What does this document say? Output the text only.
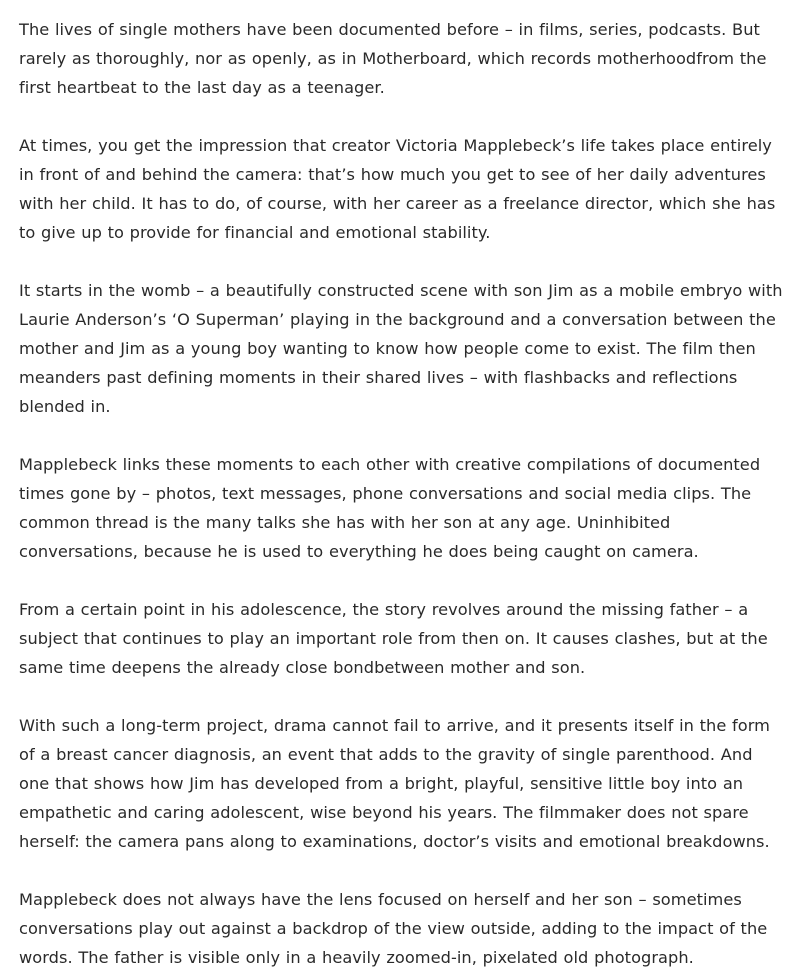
The lives of single mothers have been documented before – in films, series, podcasts. But rarely as thoroughly, nor as openly, as in Motherboard, which records motherhoodfrom the first heartbeat to the last day as a teenager.

At times, you get the impression that creator Victoria Mapplebeck’s life takes place entirely in front of and behind the camera: that’s how much you get to see of her daily adventures with her child. It has to do, of course, with her career as a freelance director, which she has to give up to provide for financial and emotional stability.

It starts in the womb – a beautifully constructed scene with son Jim as a mobile embryo with Laurie Anderson’s ‘O Superman’ playing in the background and a conversation between the mother and Jim as a young boy wanting to know how people come to exist. The film then meanders past defining moments in their shared lives – with flashbacks and reflections blended in.

Mapplebeck links these moments to each other with creative compilations of documented times gone by – photos, text messages, phone conversations and social media clips. The common thread is the many talks she has with her son at any age. Uninhibited conversations, because he is used to everything he does being caught on camera.

From a certain point in his adolescence, the story revolves around the missing father – a subject that continues to play an important role from then on. It causes clashes, but at the same time deepens the already close bondbetween mother and son.

With such a long-term project, drama cannot fail to arrive, and it presents itself in the form of a breast cancer diagnosis, an event that adds to the gravity of single parenthood. And one that shows how Jim has developed from a bright, playful, sensitive little boy into an empathetic and caring adolescent, wise beyond his years. The filmmaker does not spare herself: the camera pans along to examinations, doctor’s visits and emotional breakdowns.

Mapplebeck does not always have the lens focused on herself and her son – sometimes conversations play out against a backdrop of the view outside, adding to the impact of the words. The father is visible only in a heavily zoomed-in, pixelated old photograph.
